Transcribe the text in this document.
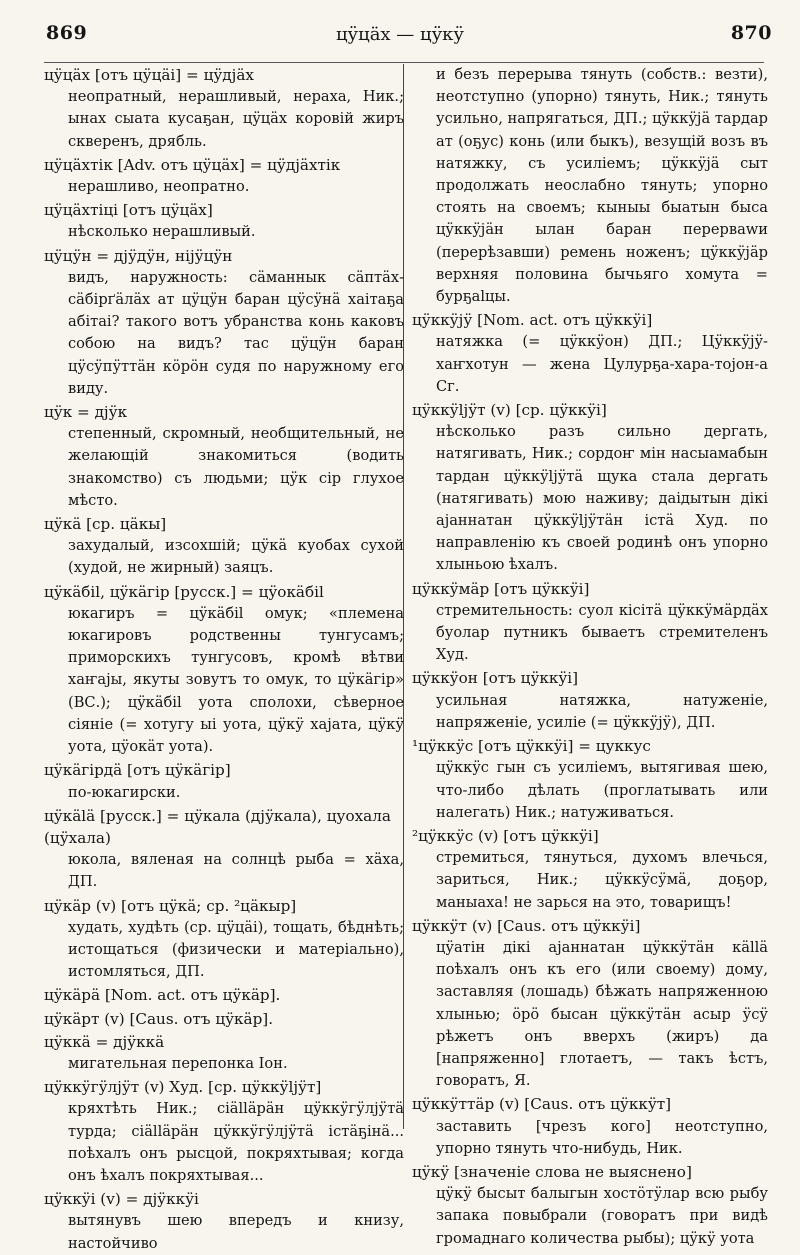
869	цӱцӓх — цӱкӱ	870
цӱцӓх [отъ цӱцӓі] = цӱдјӓх
неопратный, нерашливый, нерaxa, Ник.; ынах сыата кусаҕан, цӱцӓх коровій жиръ скверенъ, дрябль.
цӱцӓхтік [Adv. отъ цӱцӓх] = цӱдјӓхтік
нерашливо, неопратно.
цӱцӓхтіці [отъ цӱцӓх]
нѣсколько нерашливый.
цӱцӱн = дјӱдӱн, ніјӱцӱн
видъ, наружность: сӓманнык сӓптӓх-сӓбірґӓлӓх ат цӱцӱн баран цӱсӱнӓ хаітаҕа абітаі? такого вотъ убранства конь каковъ собою на видъ? тас цӱцӱн баран цӱсӱпӱттӓн кӧрӧн судя по наружному его виду.
цӱк = дјӱк
степенный, скромный, необщительный, не желающій знакомиться (водить знакомство) съ людьми; цӱк сір глухое мѣсто.
цӱкӓ [ср. цӓкы]
захудалый, изсохшій; цӱкӓ куобах сухой (худой, не жирный) заяцъ.
цӱкӓбіl, цӱкӓгір [русск.] = цӱокӓбіl
юкагиръ = цӱкӓбіl омук; «племена юкагировъ родственны тунгусамъ; приморскихъ тунгусовъ, кромѣ вѣтви хаҥаjы, якуты зовутъ то омук, то цӱкӓгір» (ВС.); цӱкӓбіl уота сполохи, сѣверное сіяніе (= хотугу ыі уота, цӱкӱ хаjата, цӱкӱ уота, цӱокӓт уота).
цӱкӓгірдӓ [отъ цӱкӓгір]
по-юкагирски.
цӱкӓlӓ [русск.] = цӱкала (дјӱкала), цуохала (цӱхала)
юкола, вяленая на солнцѣ рыба = хӓха, ДП.
цӱкӓр (v) [отъ цӱкӓ; ср. ²цӓкыр]
худать, худѣть (ср. цӱцӓі), тощать, бѣднѣть; истощаться (физически и матеріально), истомляться, ДП.
цӱкӓрӓ [Nom. act. отъ цӱкӓр].
цӱкӓрт (v) [Caus. отъ цӱкӓр].
цӱккӓ = дјӱккӓ
мигательная перепонка Іон.
цӱккӱгӱлјӱт (v) Худ. [ср. цӱккӱlјӱт]
кряхтѣть Ник.; сіӓllӓрӓн цӱккӱгӱлјӱтӓ турда; сіӓllӓрӓн цӱккӱгӱлјӱтӓ істӓҕінӓ... поѣхалъ онъ рысцой, покряхтывая; когда онъ ѣхалъ покряхтывая...
цӱккӱі (v) = дјӱккӱі
вытянувъ шею впередъ и книзу, настойчиво
и безъ перерыва тянуть (собств.: везти), неотступно (упорно) тянуть, Ник.; тянуть усильно, напрягаться, ДП.; цӱккӱјӓ тардар ат (оҕус) конь (или быкъ), везущій возъ въ натяжку, съ усиліемъ; цӱккӱјӓ сыт продолжать неослабно тянуть; упорно стоять на своемъ; кыныы быатын быса цӱккӱјӓн ылан баран перерваwи (перерѣзавши) ремень ноженъ; цӱккӱjӓр верхняя половина бычьяго хомута = бурҕаlцы.
цӱккӱјӱ [Nom. act. отъ цӱккӱі]
натяжка (= цӱккӱон) ДП.; Цӱккӱјӱ-хаҥхотун — жена Цулурҕа-хара-тојон-а Сг.
цӱккӱlјӱт (v) [ср. цӱккӱі]
нѣсколько разъ сильно дергать, натягивать, Ник.; сордоҥ мін насыамабын тардан цӱккӱlјӱтӓ щука стала дергать (натягивать) мою наживу; даідытын дікі аjаннатан цӱккӱlјӱтӓн істӓ Худ. по направленію къ своей родинѣ онъ упорно хлыньою ѣхалъ.
цӱккӱмӓр [отъ цӱккӱі]
стремительность: суол кісітӓ цӱккӱмӓрдӓх буолар путникъ бываетъ стремителенъ Худ.
цӱккӱон [отъ цӱккӱі]
усильная натяжка, натуженіе, напряженіе, усиліе (= цӱккӱјӱ), ДП.
¹цӱккӱс [отъ цӱккӱі] = цуккус
цӱккӱс гын съ усиліемъ, вытягивая шею, что-либо дѣлать (проглатывать или налегать) Ник.; натуживаться.
²цӱккӱс (v) [отъ цӱккӱі]
стремиться, тянуться, духомъ влечься, зариться, Ник.; цӱккӱсӱмӓ, доҕор, маныаха! не зарься на это, товарищъ!
цӱккӱт (v) [Caus. отъ цӱккӱі]
цӱатін дікі аjаннатан цӱккӱтӓн кӓllӓ поѣхалъ онъ къ его (или своему) дому, заставляя (лошадь) бѣжать напряженною хлынью; ӧрӧ бысан цӱккӱтӓн асыр ӱсӱ рѣжетъ онъ вверхъ (жиръ) да [напряженно] глотаетъ, — такъ ѣстъ, говоратъ, Я.
цӱккӱттӓр (v) [Caus. отъ цӱккӱт]
заставить [чрезъ кого] неотступно, упорно тянуть что-нибудь, Ник.
цӱкӱ [значеніе слова не выяснено]
цӱкӱ бысыт балыгын хостӧтӱлар всю рыбу запака повыбрали (говоратъ при видѣ громаднаго количества рыбы); цӱкӱ уота
